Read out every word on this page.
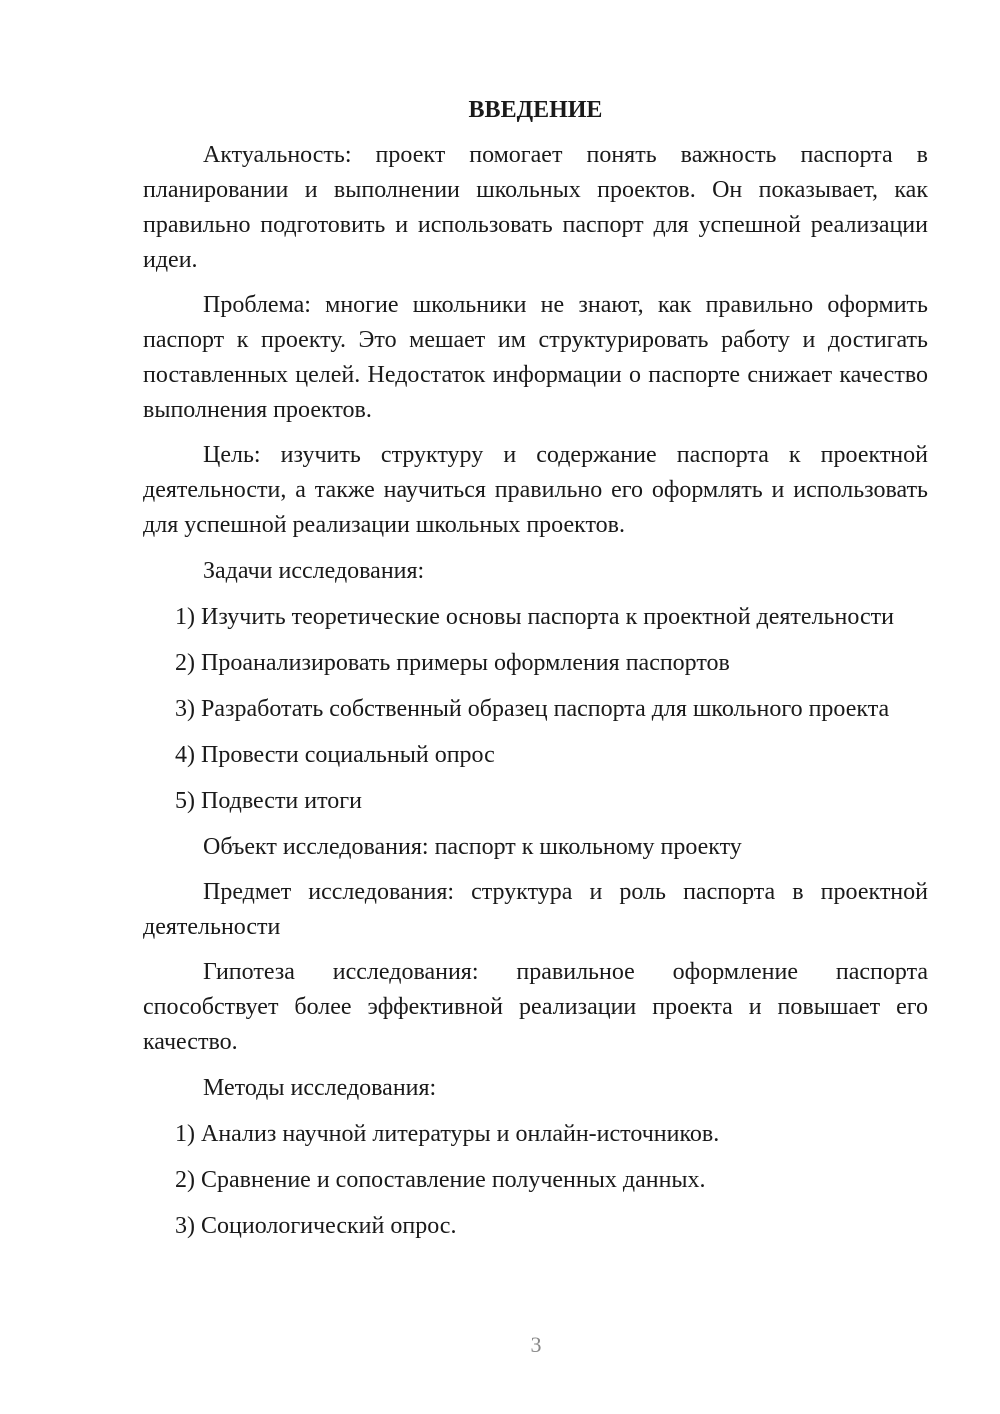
ВВЕДЕНИЕ

Актуальность: проект помогает понять важность паспорта в планировании и выполнении школьных проектов. Он показывает, как правильно подготовить и использовать паспорт для успешной реализации идеи.

Проблема: многие школьники не знают, как правильно оформить паспорт к проекту. Это мешает им структурировать работу и достигать поставленных целей. Недостаток информации о паспорте снижает качество выполнения проектов.

Цель: изучить структуру и содержание паспорта к проектной деятельности, а также научиться правильно его оформлять и использовать для успешной реализации школьных проектов.

Задачи исследования:
1) Изучить теоретические основы паспорта к проектной деятельности
2) Проанализировать примеры оформления паспортов
3) Разработать собственный образец паспорта для школьного проекта
4) Провести социальный опрос
5) Подвести итоги
Объект исследования: паспорт к школьному проекту

Предмет исследования: структура и роль паспорта в проектной деятельности

Гипотеза исследования: правильное оформление паспорта способствует более эффективной реализации проекта и повышает его качество.

Методы исследования:
1) Анализ научной литературы и онлайн-источников.
2) Сравнение и сопоставление полученных данных.
3) Социологический опрос.
3
